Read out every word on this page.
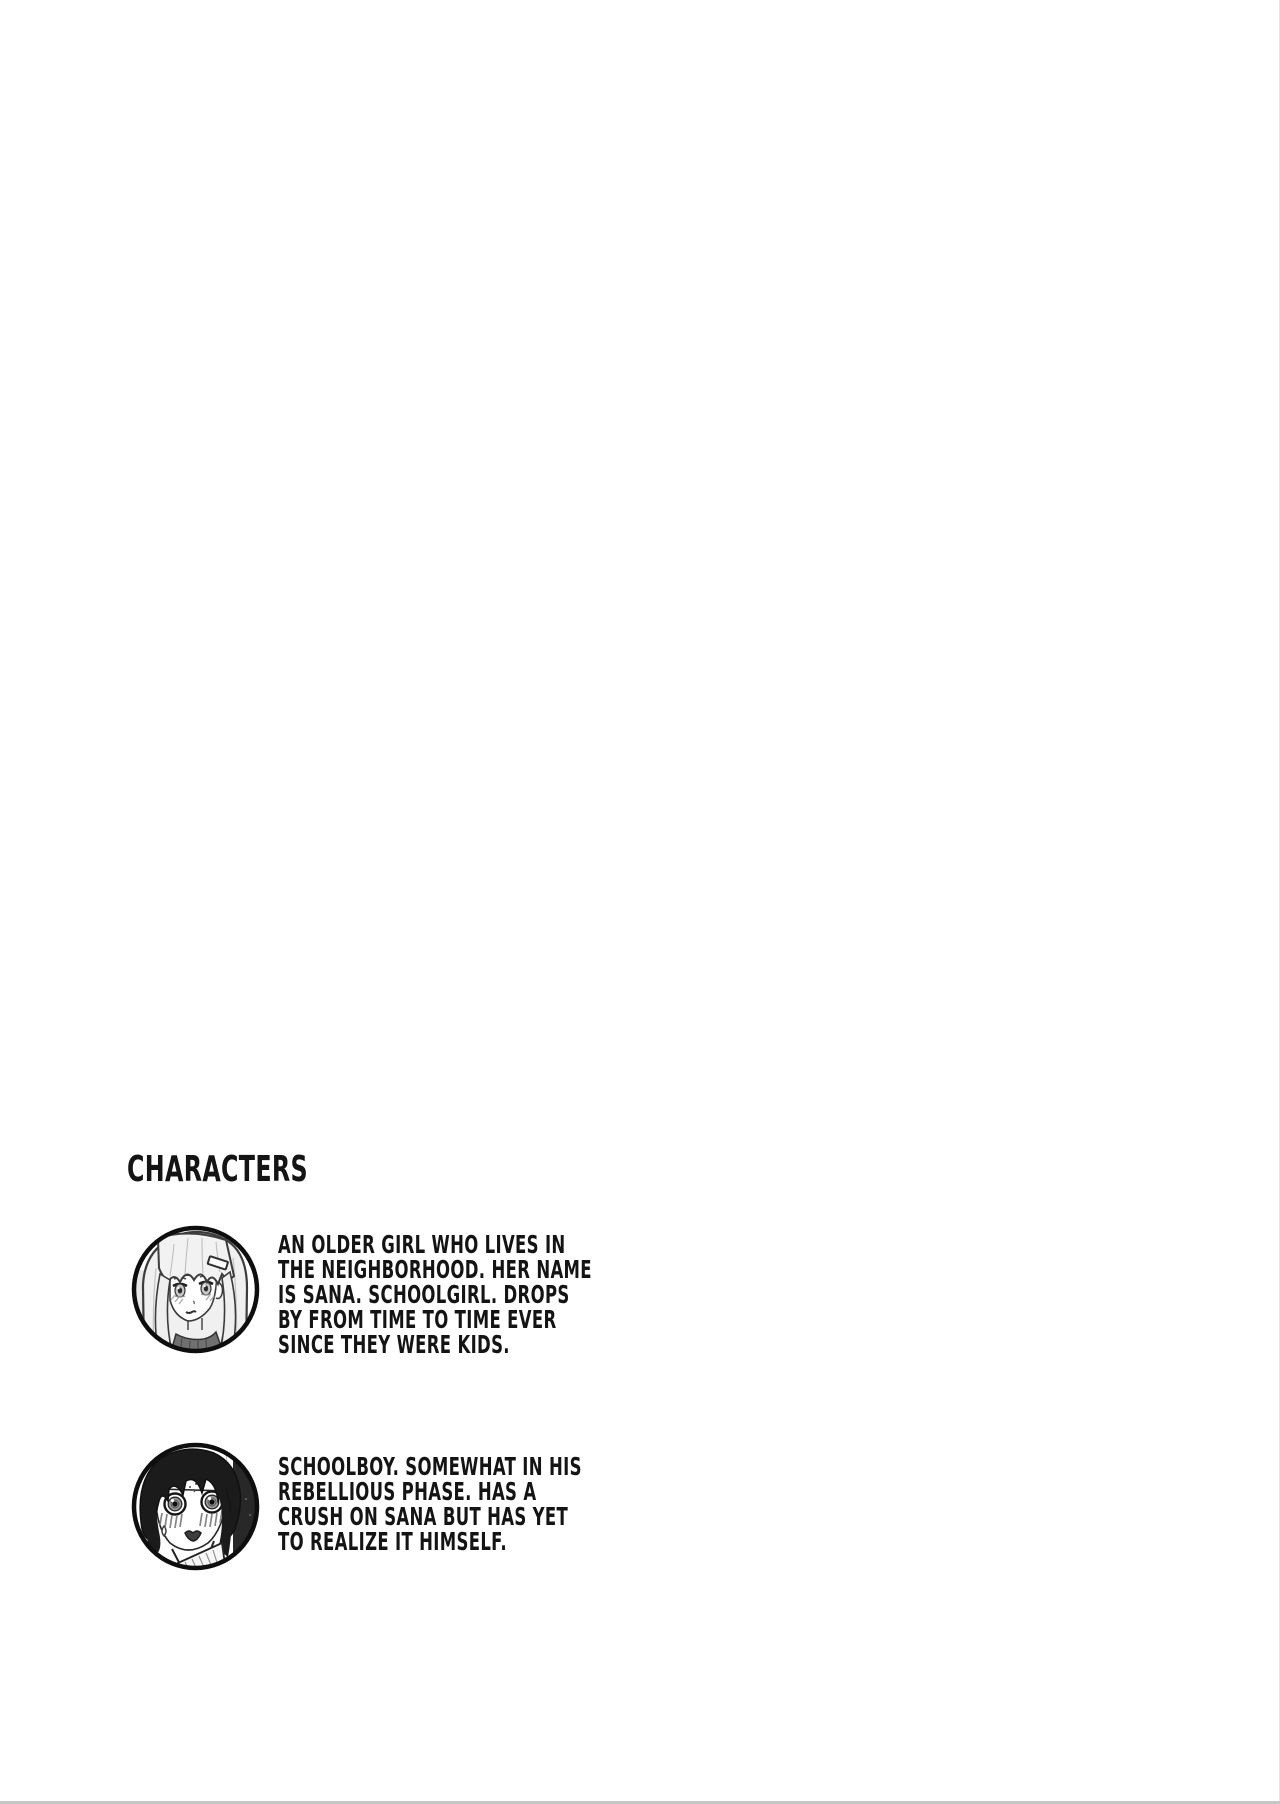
CHARACTERS
AN OLDER GIRL WHO LIVES IN
THE NEIGHBORHOOD. HER NAME
IS SANA. SCHOOLGIRL. DROPS
BY FROM TIME TO TIME EVER
SINCE THEY WERE KIDS.
SCHOOLBOY. SOMEWHAT IN HIS
REBELLIOUS PHASE. HAS A
CRUSH ON SANA BUT HAS YET
TO REALIZE IT HIMSELF.
